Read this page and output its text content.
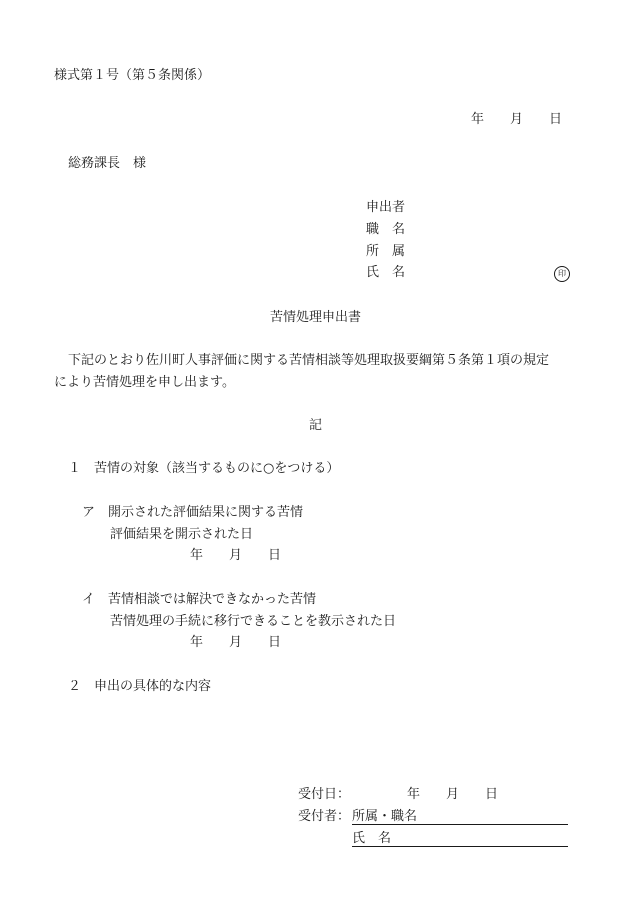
様式第１号（第５条関係）
年 月 日
総務課長　様
申出者
職　名
所　属
氏　名	印
苦情処理申出書
下記のとおり佐川町人事評価に関する苦情相談等処理取扱要綱第５条第１項の規定
により苦情処理を申し出ます。
記
１　苦情の対象（該当するものに○をつける）
ア　開示された評価結果に関する苦情
評価結果を開示された日
年 月 日
イ　苦情相談では解決できなかった苦情
苦情処理の手続に移行できることを教示された日
年 月 日
２　申出の具体的な内容
受付日：	年 月 日
受付者： 所属・職名
氏　名
